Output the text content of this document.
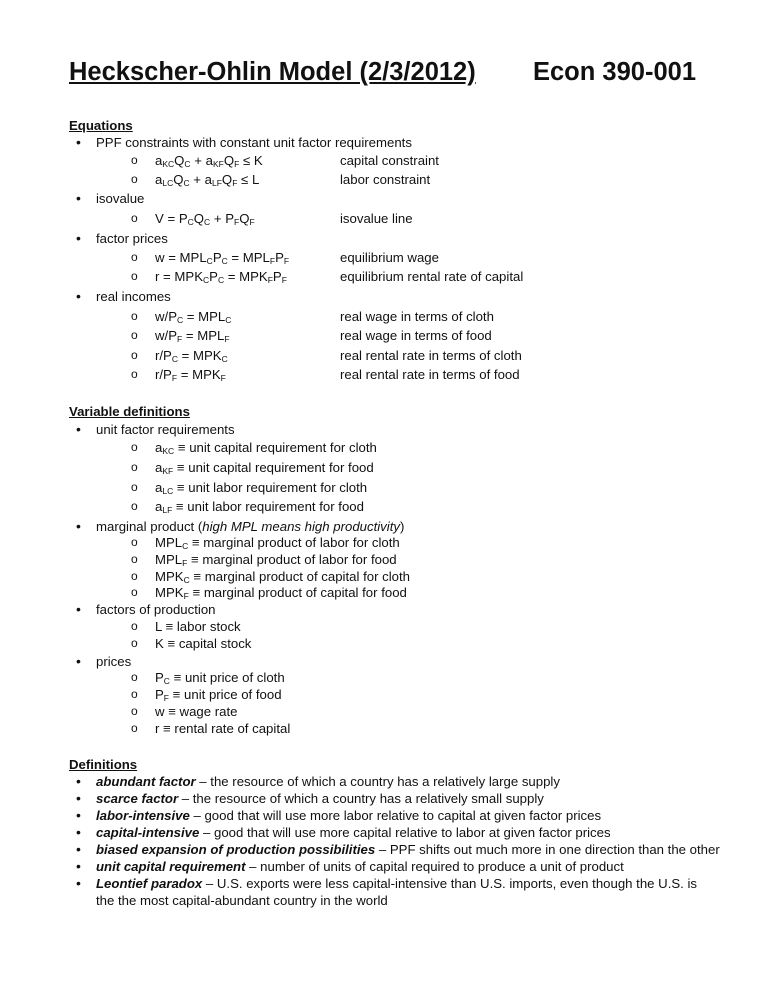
Heckscher-Ohlin Model (2/3/2012) Econ 390-001
Equations
• PPF constraints with constant unit factor requirements
o $a_{KC}Q_C + a_{KF}Q_F \le K$	capital constraint
o $a_{LC}Q_C + a_{LF}Q_F \le L$	labor constraint
• isovalue
o $V = P_CQ_C + P_FQ_F$	isovalue line
• factor prices
o $w = MPL_CP_C = MPL_FP_F$	equilibrium wage
o $r = MPK_CP_C = MPK_FP_F$	equilibrium rental rate of capital
• real incomes
o $w/P_C = MPL_C$	real wage in terms of cloth
o $w/P_F = MPL_F$	real wage in terms of food
o $r/P_C = MPK_C$	real rental rate in terms of cloth
o $r/P_F = MPK_F$	real rental rate in terms of food
Variable definitions
• unit factor requirements
o $a_{KC}$ ≡ unit capital requirement for cloth
o $a_{KF}$ ≡ unit capital requirement for food
o $a_{LC}$ ≡ unit labor requirement for cloth
o $a_{LF}$ ≡ unit labor requirement for food
• marginal product (high MPL means high productivity)
o $MPL_C$ ≡ marginal product of labor for cloth
o $MPL_F$ ≡ marginal product of labor for food
o $MPK_C$ ≡ marginal product of capital for cloth
o $MPK_F$ ≡ marginal product of capital for food
• factors of production
o L ≡ labor stock
o K ≡ capital stock
• prices
o $P_C$ ≡ unit price of cloth
o $P_F$ ≡ unit price of food
o w ≡ wage rate
o r ≡ rental rate of capital
Definitions
• abundant factor – the resource of which a country has a relatively large supply
• scarce factor – the resource of which a country has a relatively small supply
• labor-intensive – good that will use more labor relative to capital at given factor prices
• capital-intensive – good that will use more capital relative to labor at given factor prices
• biased expansion of production possibilities – PPF shifts out much more in one direction than the other
• unit capital requirement – number of units of capital required to produce a unit of product
• Leontief paradox – U.S. exports were less capital-intensive than U.S. imports, even though the U.S. is
the the most capital-abundant country in the world
